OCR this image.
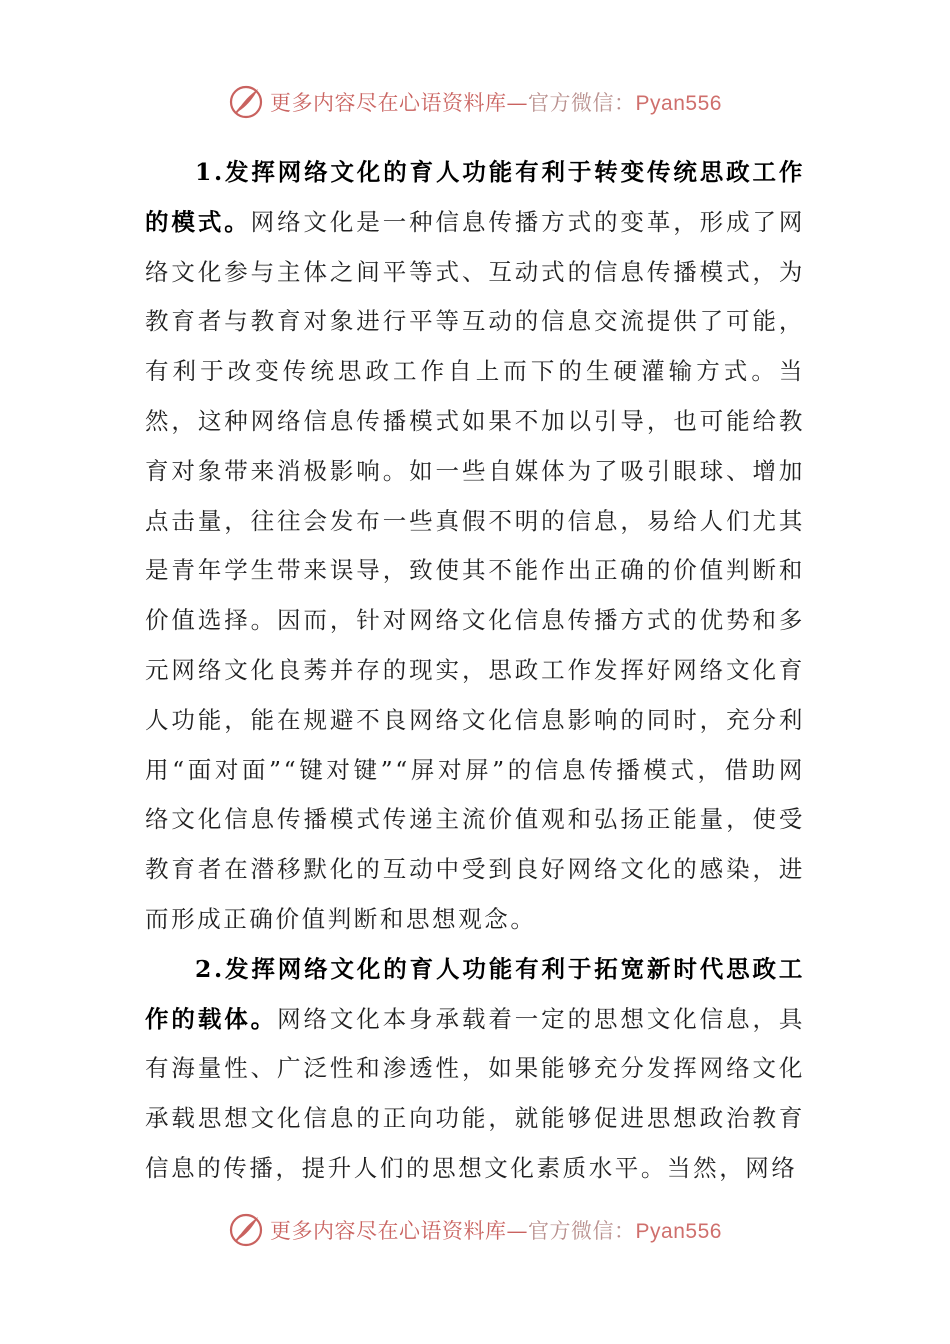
更多内容尽在心语资料库—官方微信：Pyan556

1.发挥网络文化的育人功能有利于转变传统思政工作的模式。网络文化是一种信息传播方式的变革，形成了网络文化参与主体之间平等式、互动式的信息传播模式，为教育者与教育对象进行平等互动的信息交流提供了可能，有利于改变传统思政工作自上而下的生硬灌输方式。当然，这种网络信息传播模式如果不加以引导，也可能给教育对象带来消极影响。如一些自媒体为了吸引眼球、增加点击量，往往会发布一些真假不明的信息，易给人们尤其是青年学生带来误导，致使其不能作出正确的价值判断和价值选择。因而，针对网络文化信息传播方式的优势和多元网络文化良莠并存的现实，思政工作发挥好网络文化育人功能，能在规避不良网络文化信息影响的同时，充分利用“面对面”“键对键”“屏对屏”的信息传播模式，借助网络文化信息传播模式传递主流价值观和弘扬正能量，使受教育者在潜移默化的互动中受到良好网络文化的感染，进而形成正确价值判断和思想观念。

2.发挥网络文化的育人功能有利于拓宽新时代思政工作的载体。网络文化本身承载着一定的思想文化信息，具有海量性、广泛性和渗透性，如果能够充分发挥网络文化承载思想文化信息的正向功能，就能够促进思想政治教育信息的传播，提升人们的思想文化素质水平。当然，网络

更多内容尽在心语资料库—官方微信：Pyan556
